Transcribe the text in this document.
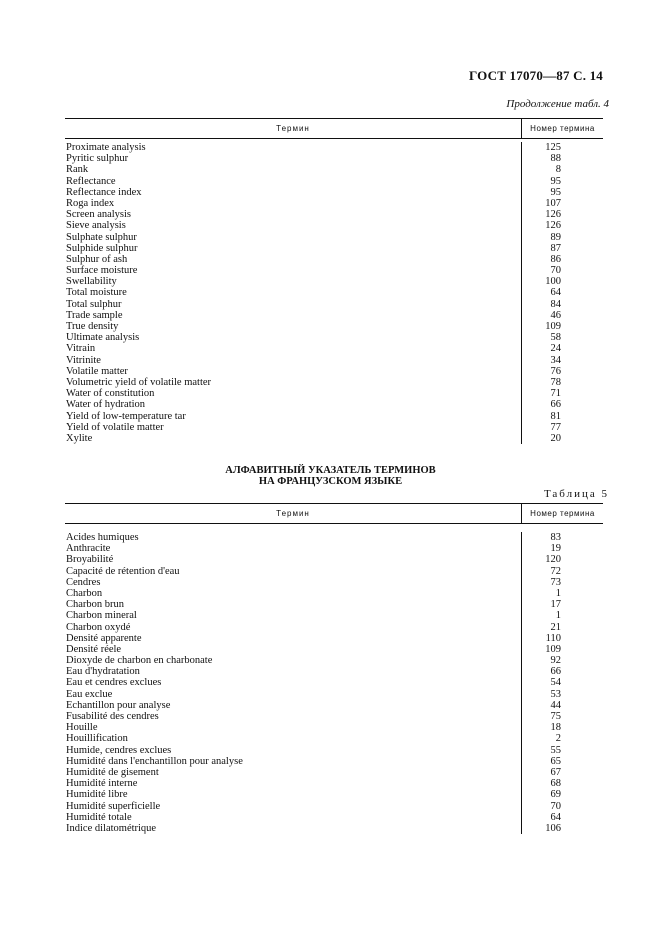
ГОСТ 17070—87 С. 14
Продолжение табл. 4
Термин	Номер термина
Proximate analysis
Pyritic sulphur
Rank
Reflectance
Reflectance index
Roga index
Screen analysis
Sieve analysis
Sulphate sulphur
Sulphide sulphur
Sulphur of ash
Surface moisture
Swellability
Total moisture
Total sulphur
Trade sample
True density
Ultimate analysis
Vitrain
Vitrinite
Volatile matter
Volumetric yield of volatile matter
Water of constitution
Water of hydration
Yield of low-temperature tar
Yield of volatile matter
Xylite
125
88
8
95
95
107
126
126
89
87
86
70
100
64
84
46
109
58
24
34
76
78
71
66
81
77
20
АЛФАВИТНЫЙ УКАЗАТЕЛЬ ТЕРМИНОВ
НА ФРАНЦУЗСКОМ ЯЗЫКЕ
Таблица 5
Термин	Номер термина
Acides humiques
Anthracite
Broyabilité
Capacité de rétention d'eau
Cendres
Charbon
Charbon brun
Charbon mineral
Charbon oxydé
Densité apparente
Densité réele
Dioxyde de charbon en charbonate
Eau d'hydratation
Eau et cendres exclues
Eau exclue
Echantillon pour analyse
Fusabilité des cendres
Houille
Houillification
Humide, cendres exclues
Humidité dans l'enchantillon pour analyse
Humidité de gisement
Humidité interne
Humidité libre
Humidité superficielle
Humidité totale
Indice dilatométrique
83
19
120
72
73
1
17
1
21
110
109
92
66
54
53
44
75
18
2
55
65
67
68
69
70
64
106
